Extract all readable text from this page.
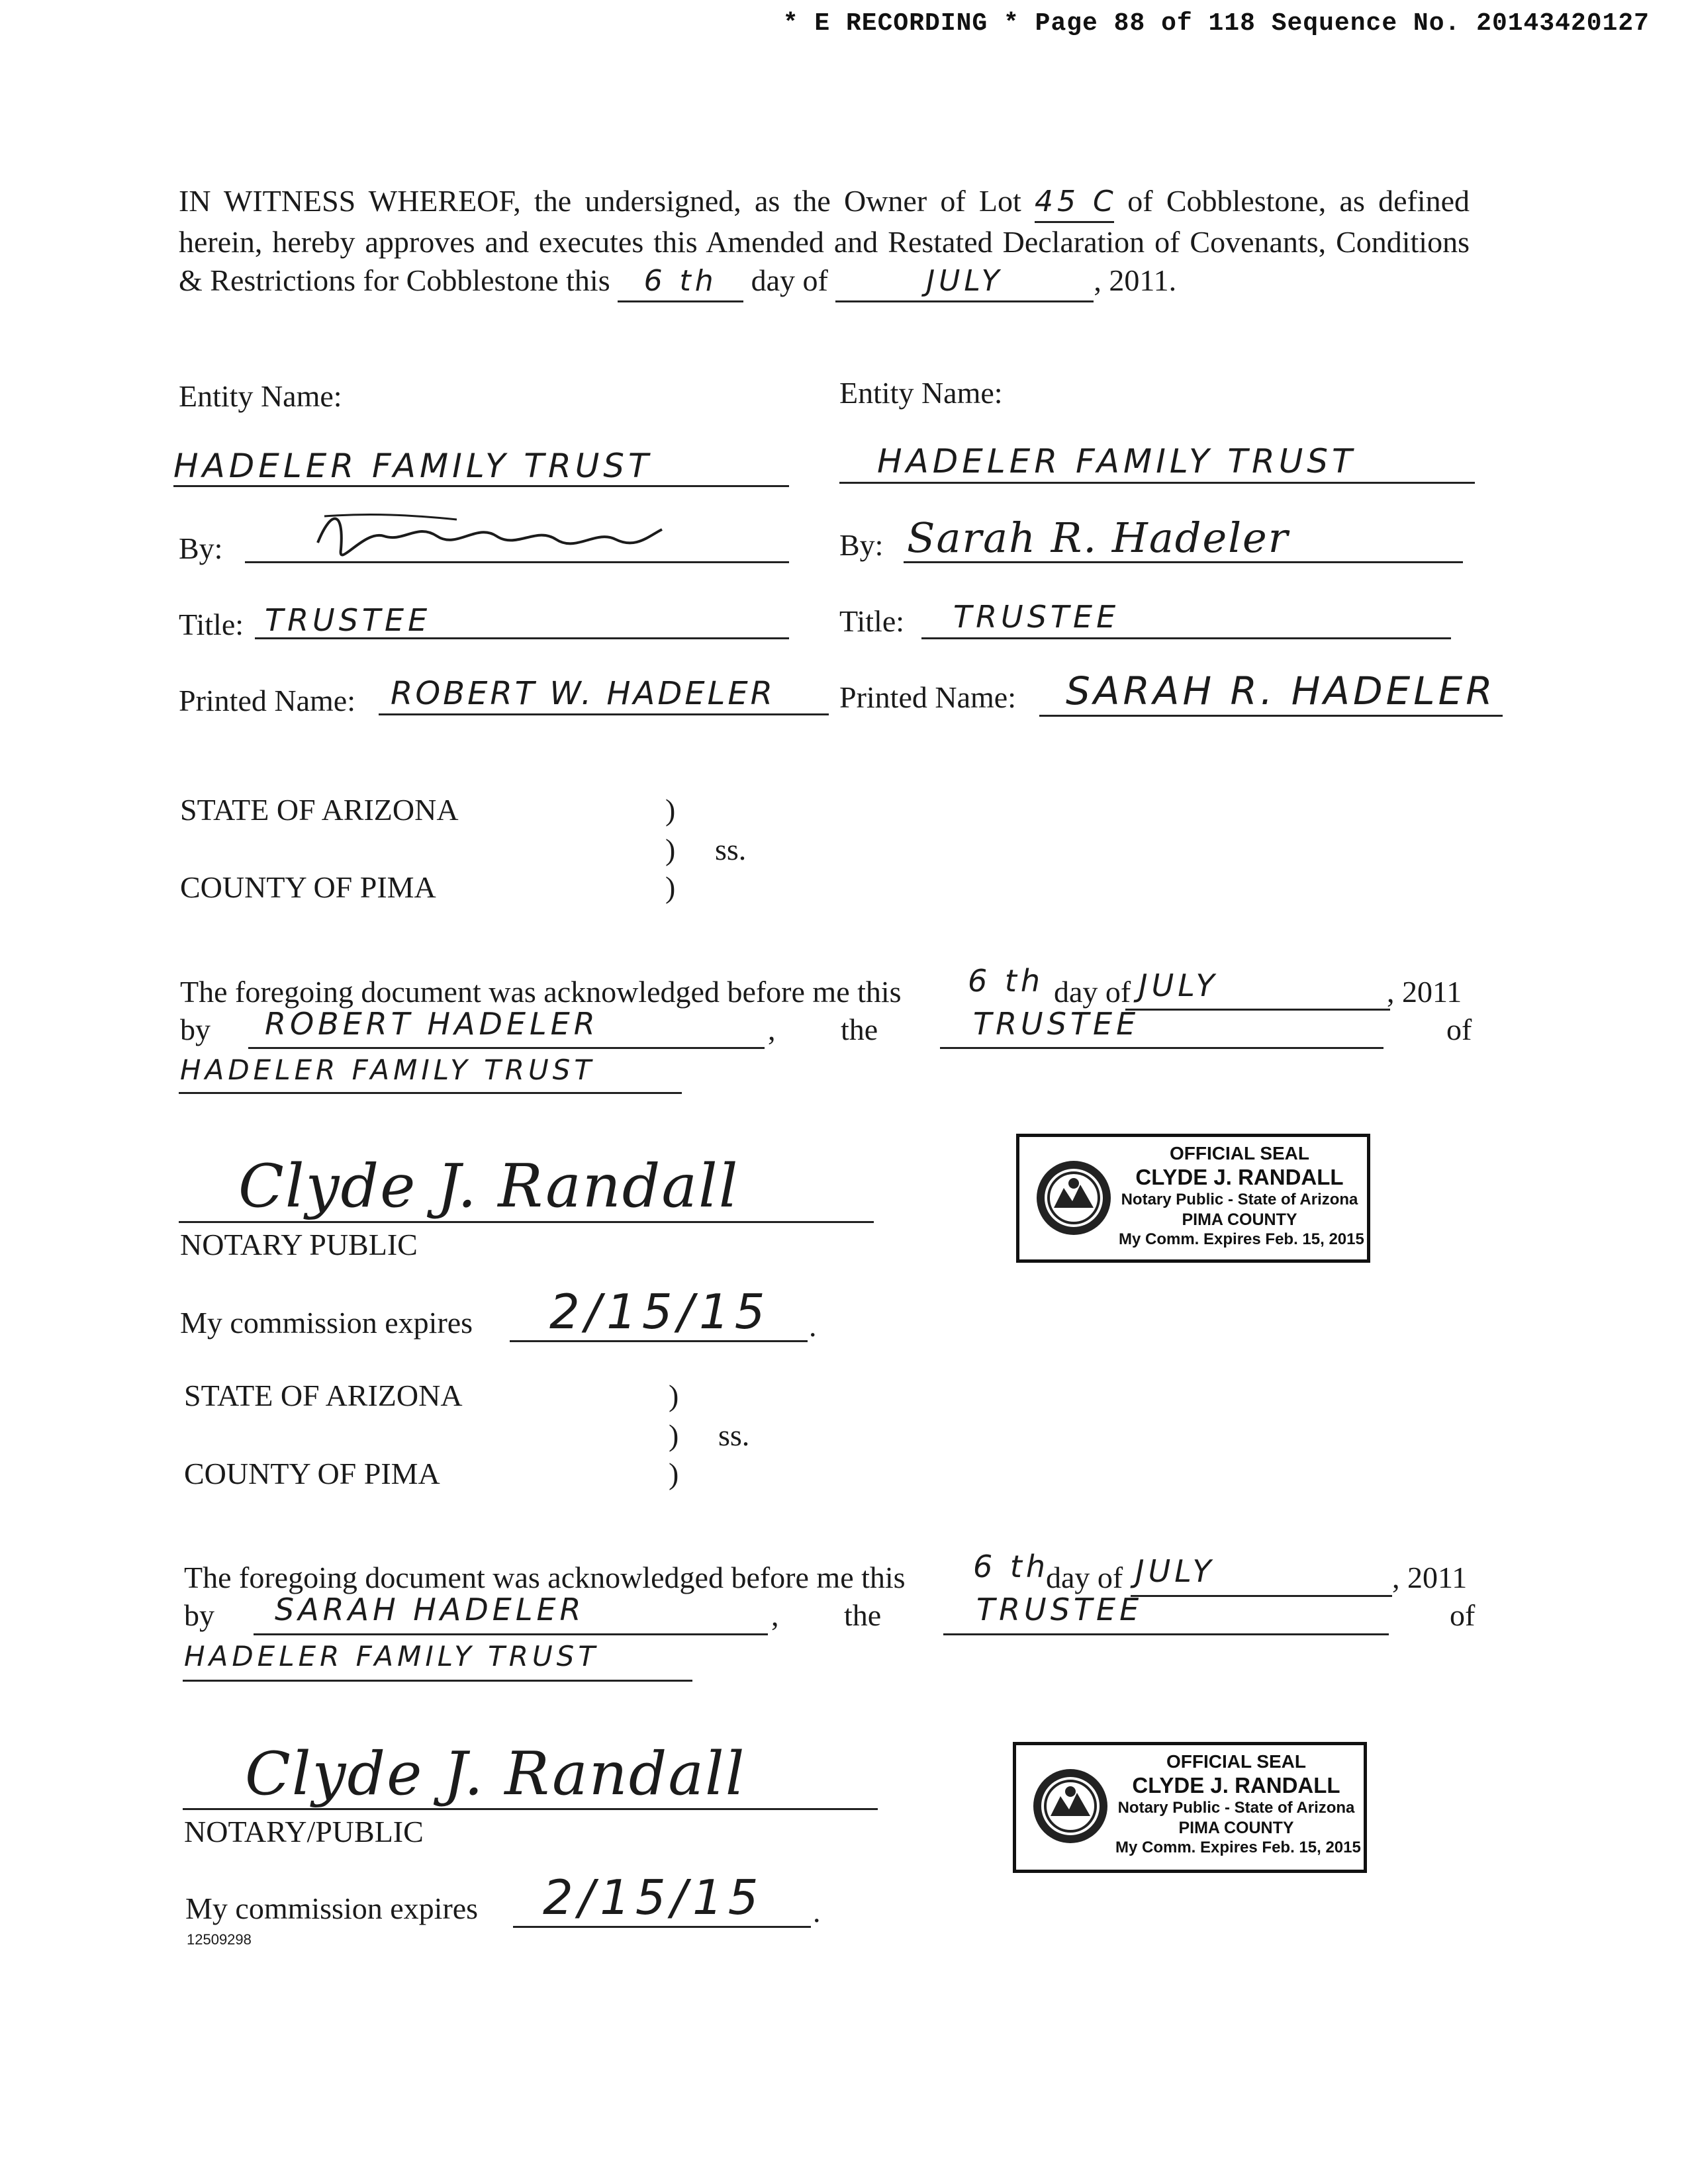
* E RECORDING * Page 88 of 118 Sequence No. 20143420127
IN WITNESS WHEREOF, the undersigned, as the Owner of Lot 45 C of Cobblestone, as defined herein, hereby approves and executes this Amended and Restated Declaration of Covenants, Conditions & Restrictions for Cobblestone this 6 th day of	JULY	, 2011.
Entity Name:
HADELER FAMILY TRUST
By:
Title: TRUSTEE
Printed Name: ROBERT W. HADELER
Entity Name:
HADELER FAMILY TRUST
By: Sarah R. Hadeler
Title: TRUSTEE
Printed Name: SARAH R. HADELER
STATE OF ARIZONA	)
) ss.
COUNTY OF PIMA	)
The foregoing document was acknowledged before me this 6 th day of JULY	, 2011
by ROBERT HADELER	, the	TRUSTEE	of
HADELER FAMILY TRUST
Clyde J. Randall
NOTARY PUBLIC
My commission expires 2/15/15 .
OFFICIAL SEAL
CLYDE J. RANDALL
Notary Public - State of Arizona
PIMA COUNTY
My Comm. Expires Feb. 15, 2015
STATE OF ARIZONA	)
) ss.
COUNTY OF PIMA	)
The foregoing document was acknowledged before me this 6 th
day of JULY	, 2011
by SARAH HADELER	, the	TRUSTEE	of
HADELER FAMILY TRUST
Clyde J. Randall
NOTARY/PUBLIC
My commission expires 2/15/15 .
OFFICIAL SEAL
CLYDE J. RANDALL
Notary Public - State of Arizona
PIMA COUNTY
My Comm. Expires Feb. 15, 2015
12509298
